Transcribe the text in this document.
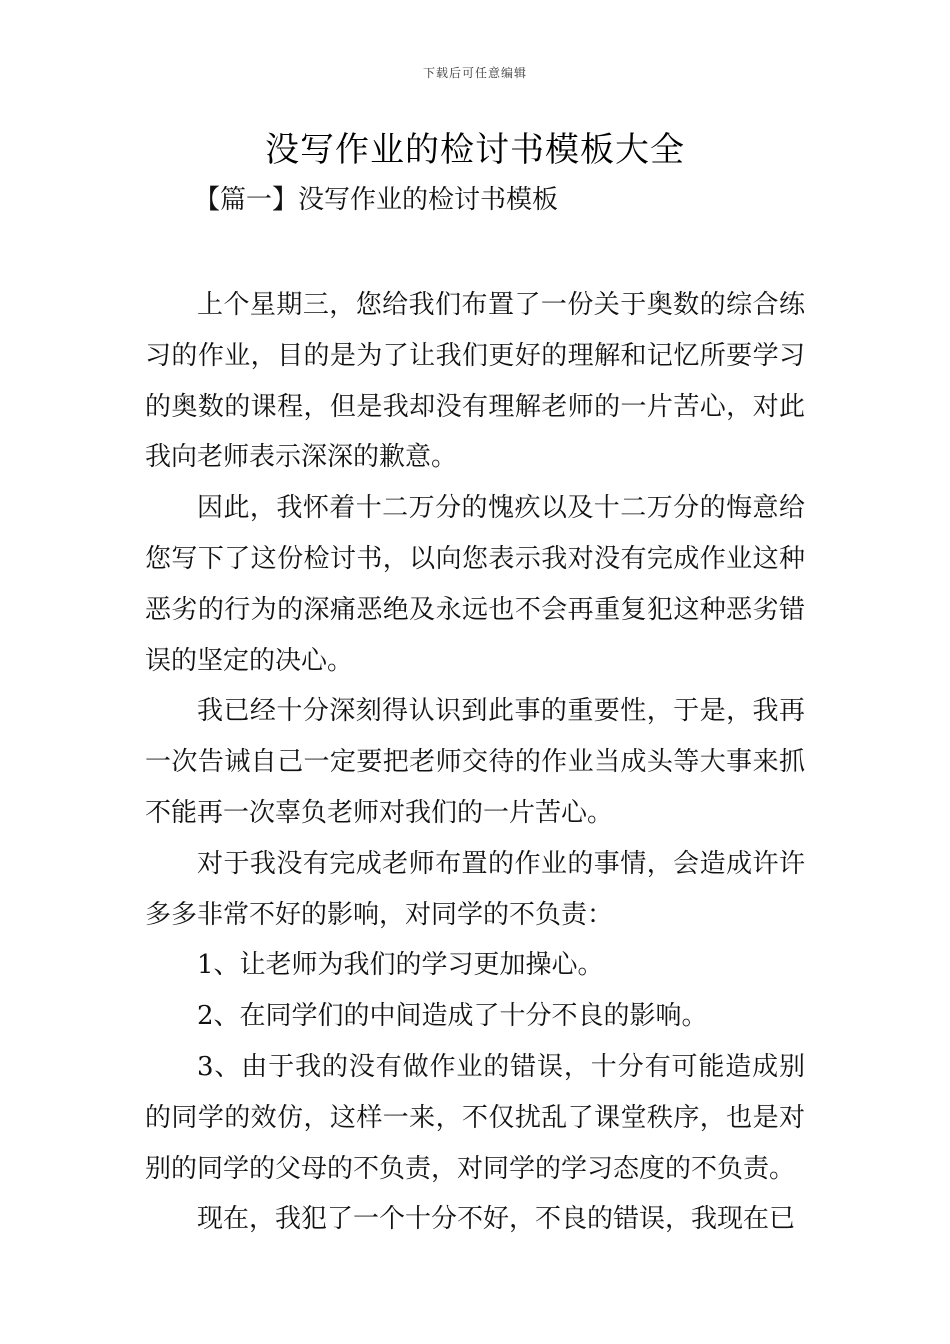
下载后可任意编辑
没写作业的检讨书模板大全
【篇一】没写作业的检讨书模板

上个星期三，您给我们布置了一份关于奥数的综合练习的作业，目的是为了让我们更好的理解和记忆所要学习的奥数的课程，但是我却没有理解老师的一片苦心，对此我向老师表示深深的歉意。

因此，我怀着十二万分的愧疚以及十二万分的悔意给您写下了这份检讨书，以向您表示我对没有完成作业这种恶劣的行为的深痛恶绝及永远也不会再重复犯这种恶劣错误的坚定的决心。

我已经十分深刻得认识到此事的重要性，于是，我再一次告诫自己一定要把老师交待的作业当成头等大事来抓不能再一次辜负老师对我们的一片苦心。

对于我没有完成老师布置的作业的事情，会造成许许多多非常不好的影响，对同学的不负责：

1、让老师为我们的学习更加操心。

2、在同学们的中间造成了十分不良的影响。

3、由于我的没有做作业的错误，十分有可能造成别的同学的效仿，这样一来，不仅扰乱了课堂秩序，也是对别的同学的父母的不负责，对同学的学习态度的不负责。

现在，我犯了一个十分不好，不良的错误，我现在已
